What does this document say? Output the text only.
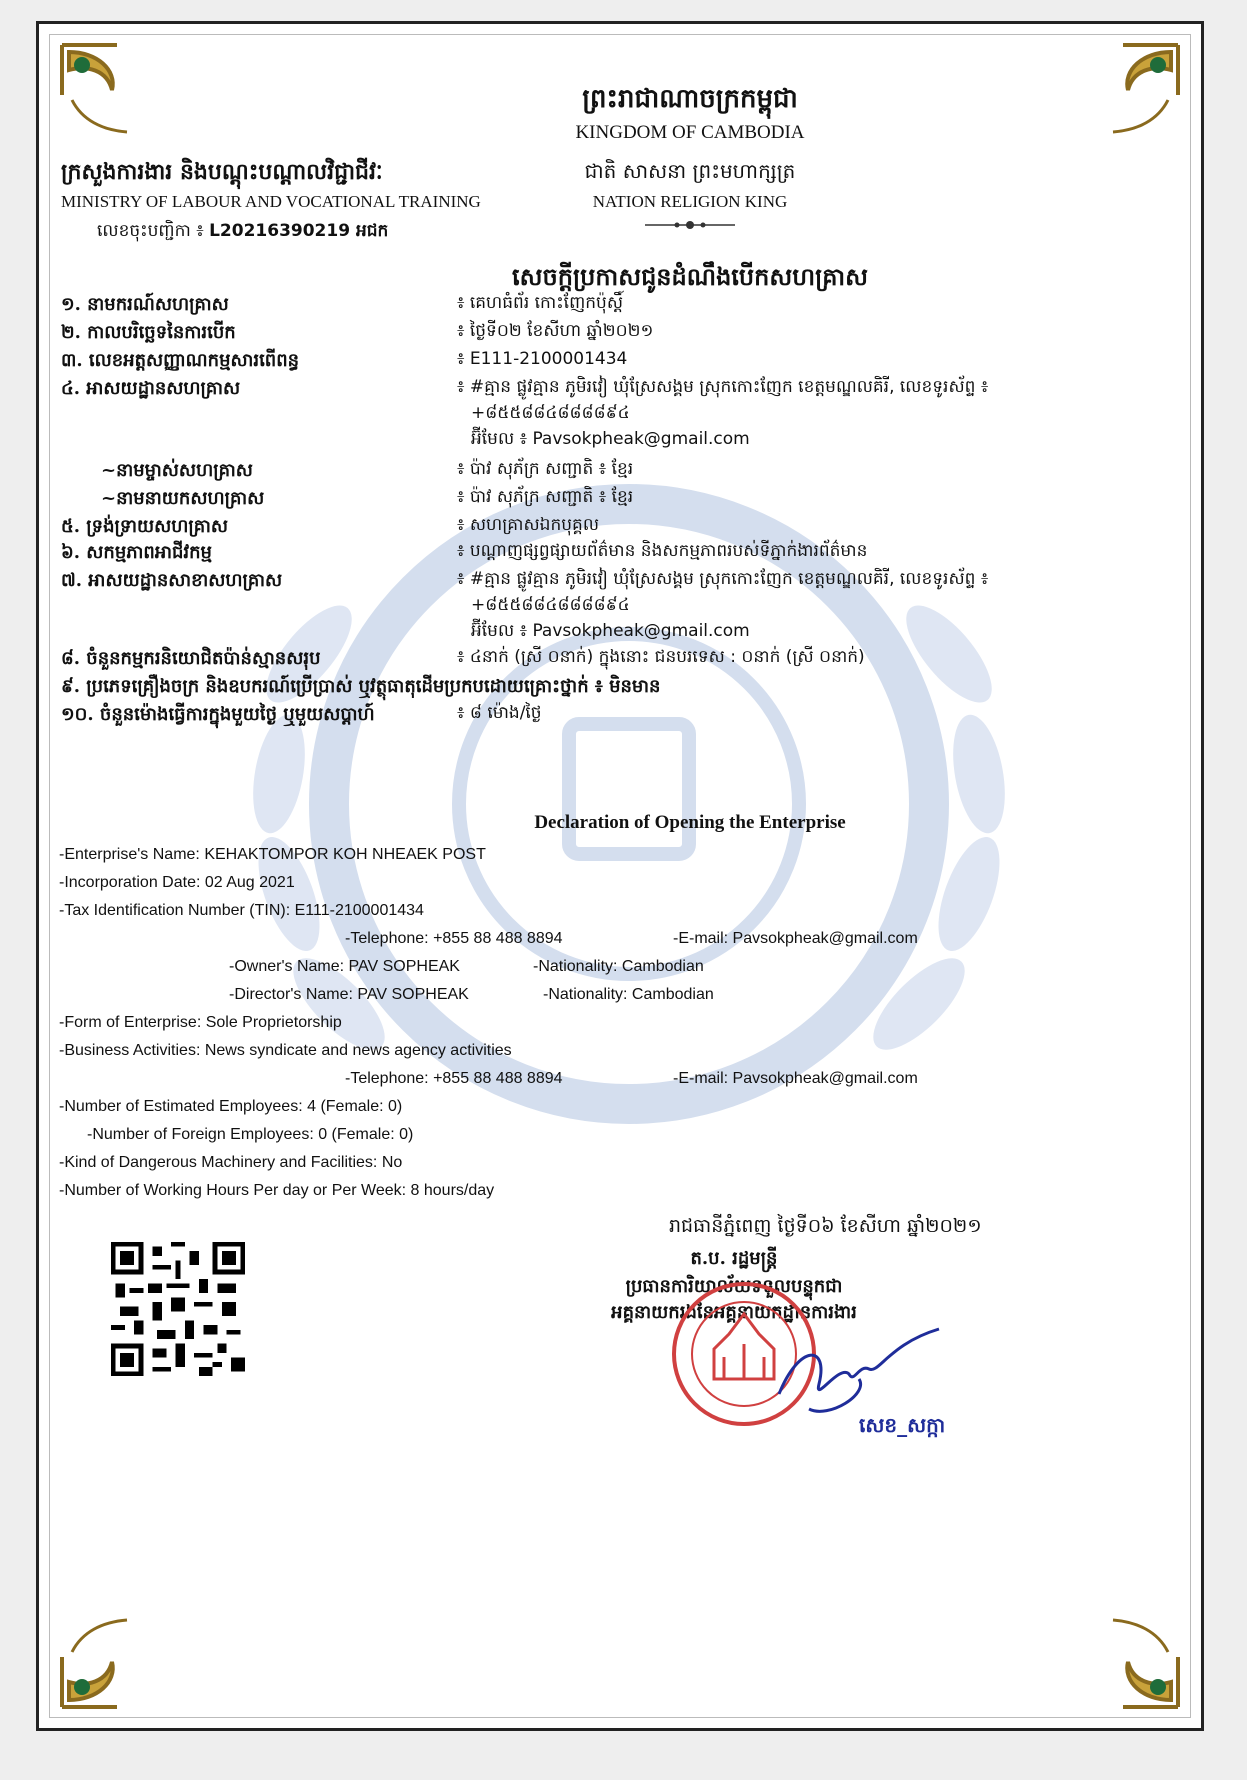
ព្រះរាជាណាចក្រកម្ពុជា
KINGDOM OF CAMBODIA
ជាតិ សាសនា ព្រះមហាក្សត្រ
NATION RELIGION KING
ក្រសួងការងារ និងបណ្តុះបណ្តាលវិជ្ជាជីវៈ
MINISTRY OF LABOUR AND VOCATIONAL TRAINING
លេខចុះបញ្ជិកា ៖ L20216390219 អជក
សេចក្តីប្រកាសជូនដំណឹងបើកសហគ្រាស
១. នាមករណ៍សហគ្រាស	៖ គេហធំព័រ កោះញែកប៉ុស្តិ៍
២. កាលបរិច្ឆេទនៃការបើក	៖ ថ្ងៃទី០២ ខែសីហា ឆ្នាំ២០២១
៣. លេខអត្តសញ្ញាណកម្មសារពើពន្ធ	៖ E111-2100001434
៤. អាសយដ្ឋានសហគ្រាស	៖ #គ្មាន ផ្លូវគ្មាន ភូមិរវៀ ឃុំស្រែសង្គម ស្រុកកោះញែក ខេត្តមណ្ឌលគិរី, លេខទូរស័ព្ទ ៖
+៨៥៥៨៨៤៨៨៨៨៩៤
អ៊ីមែល ៖ Pavsokpheak@gmail.com
~នាមម្ចាស់សហគ្រាស	៖ ប៉ាវ សុភ័ក្រ សញ្ជាតិ ៖ ខ្មែរ
~នាមនាយកសហគ្រាស	៖ ប៉ាវ សុភ័ក្រ សញ្ជាតិ ៖ ខ្មែរ
៥. ទ្រង់ទ្រាយសហគ្រាស	៖ សហគ្រាសឯកបុគ្គល
៦. សកម្មភាពអាជីវកម្ម	៖ បណ្តាញផ្សព្វផ្សាយព័ត៌មាន និងសកម្មភាពរបស់ទីភ្នាក់ងារព័ត៌មាន
៧. អាសយដ្ឋានសាខាសហគ្រាស	៖ #គ្មាន ផ្លូវគ្មាន ភូមិរវៀ ឃុំស្រែសង្គម ស្រុកកោះញែក ខេត្តមណ្ឌលគិរី, លេខទូរស័ព្ទ ៖
+៨៥៥៨៨៤៨៨៨៨៩៤
អ៊ីមែល ៖ Pavsokpheak@gmail.com
៨. ចំនួនកម្មករនិយោជិតប៉ាន់ស្មានសរុប	៖ ៤នាក់ (ស្រី ០នាក់) ក្នុងនោះ ជនបរទេស : ០នាក់ (ស្រី ០នាក់)
៩. ប្រភេទគ្រឿងចក្រ និងឧបករណ៍ប្រើប្រាស់ ឬវត្ថុធាតុដើមប្រកបដោយគ្រោះថ្នាក់ ៖ មិនមាន
១០. ចំនួនម៉ោងធ្វើការក្នុងមួយថ្ងៃ ឬមួយសប្តាហ៍	៖ ៨ ម៉ោង/ថ្ងៃ
Declaration of Opening the Enterprise
-Enterprise's Name: KEHAKTOMPOR KOH NHEAEK POST
-Incorporation Date: 02 Aug 2021
-Tax Identification Number (TIN): E111-2100001434
-Telephone: +855 88 488 8894	-E-mail: Pavsokpheak@gmail.com
-Owner's Name: PAV SOPHEAK	-Nationality: Cambodian
-Director's Name: PAV SOPHEAK	-Nationality: Cambodian
-Form of Enterprise: Sole Proprietorship
-Business Activities: News syndicate and news agency activities
-Telephone: +855 88 488 8894	-E-mail: Pavsokpheak@gmail.com
-Number of Estimated Employees: 4 (Female: 0)
-Number of Foreign Employees: 0 (Female: 0)
-Kind of Dangerous Machinery and Facilities: No
-Number of Working Hours Per day or Per Week: 8 hours/day
រាជធានីភ្នំពេញ ថ្ងៃទី០៦ ខែសីហា ឆ្នាំ២០២១
ត.ប. រដ្ឋមន្ត្រី
ប្រធានការិយាល័យទទួលបន្ទុកជា
អគ្គនាយករងនៃអគ្គនាយកដ្ឋានការងារ
សេខ_សក្កា
